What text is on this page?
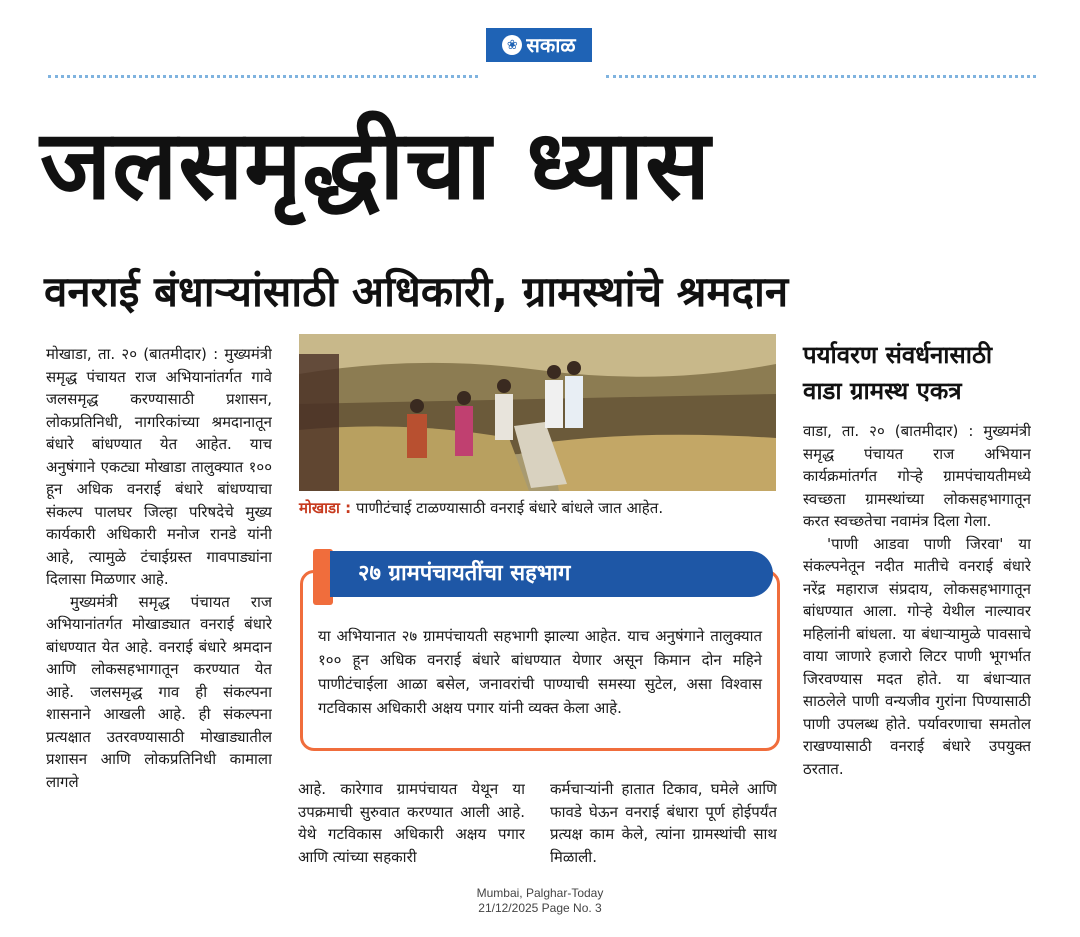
❀ सकाळ
जलसमृद्धीचा ध्यास
वनराई बंधाऱ्यांसाठी अधिकारी, ग्रामस्थांचे श्रमदान

मोखाडा, ता. २० (बातमीदार) : मुख्यमंत्री समृद्ध पंचायत राज अभियानांतर्गत गावे जलसमृद्ध करण्यासाठी प्रशासन, लोकप्रतिनिधी, नागरिकांच्या श्रमदानातून बंधारे बांधण्यात येत आहेत. याच अनुषंगाने एकट्या मोखाडा तालुक्यात १०० हून अधिक वनराई बंधारे बांधण्याचा संकल्प पालघर जिल्हा परिषदेचे मुख्य कार्यकारी अधिकारी मनोज रानडे यांनी आहे, त्यामुळे टंचाईग्रस्त गावपाड्यांना दिलासा मिळणार आहे.

मुख्यमंत्री समृद्ध पंचायत राज अभियानांतर्गत मोखाड्यात वनराई बंधारे बांधण्यात येत आहे. वनराई बंधारे श्रमदान आणि लोकसहभागातून करण्यात येत आहे. जलसमृद्ध गाव ही संकल्पना शासनाने आखली आहे. ही संकल्पना प्रत्यक्षात उतरवण्यासाठी मोखाड्यातील प्रशासन आणि लोकप्रतिनिधी कामाला लागले

मोखाडा : पाणीटंचाई टाळण्यासाठी वनराई बंधारे बांधले जात आहेत.
२७ ग्रामपंचायतींचा सहभाग
या अभियानात २७ ग्रामपंचायती सहभागी झाल्या आहेत. याच अनुषंगाने तालुक्यात १०० हून अधिक वनराई बंधारे बांधण्यात येणार असून किमान दोन महिने पाणीटंचाईला आळा बसेल, जनावरांची पाण्याची समस्या सुटेल, असा विश्वास गटविकास अधिकारी अक्षय पगार यांनी व्यक्त केला आहे.

आहे. कारेगाव ग्रामपंचायत येथून या उपक्रमाची सुरुवात करण्यात आली आहे. येथे गटविकास अधिकारी अक्षय पगार आणि त्यांच्या सहकारी

कर्मचाऱ्यांनी हातात टिकाव, घमेले आणि फावडे घेऊन वनराई बंधारा पूर्ण होईपर्यंत प्रत्यक्ष काम केले, त्यांना ग्रामस्थांची साथ मिळाली.

पर्यावरण संवर्धनासाठी वाडा ग्रामस्थ एकत्र

वाडा, ता. २० (बातमीदार) : मुख्यमंत्री समृद्ध पंचायत राज अभियान कार्यक्रमांतर्गत गोऱ्हे ग्रामपंचायतीमध्ये स्वच्छता ग्रामस्थांच्या लोकसहभागातून करत स्वच्छतेचा नवामंत्र दिला गेला.

'पाणी आडवा पाणी जिरवा' या संकल्पनेतून नदीत मातीचे वनराई बंधारे नरेंद्र महाराज संप्रदाय, लोकसहभागातून बांधण्यात आला. गोऱ्हे येथील नाल्यावर महिलांनी बांधला. या बंधाऱ्यामुळे पावसाचे वाया जाणारे हजारो लिटर पाणी भूगर्भात जिरवण्यास मदत होते. या बंधाऱ्यात साठलेले पाणी वन्यजीव गुरांना पिण्यासाठी पाणी उपलब्ध होते. पर्यावरणाचा समतोल राखण्यासाठी वनराई बंधारे उपयुक्त ठरतात.

Mumbai, Palghar-Today
21/12/2025 Page No. 3
